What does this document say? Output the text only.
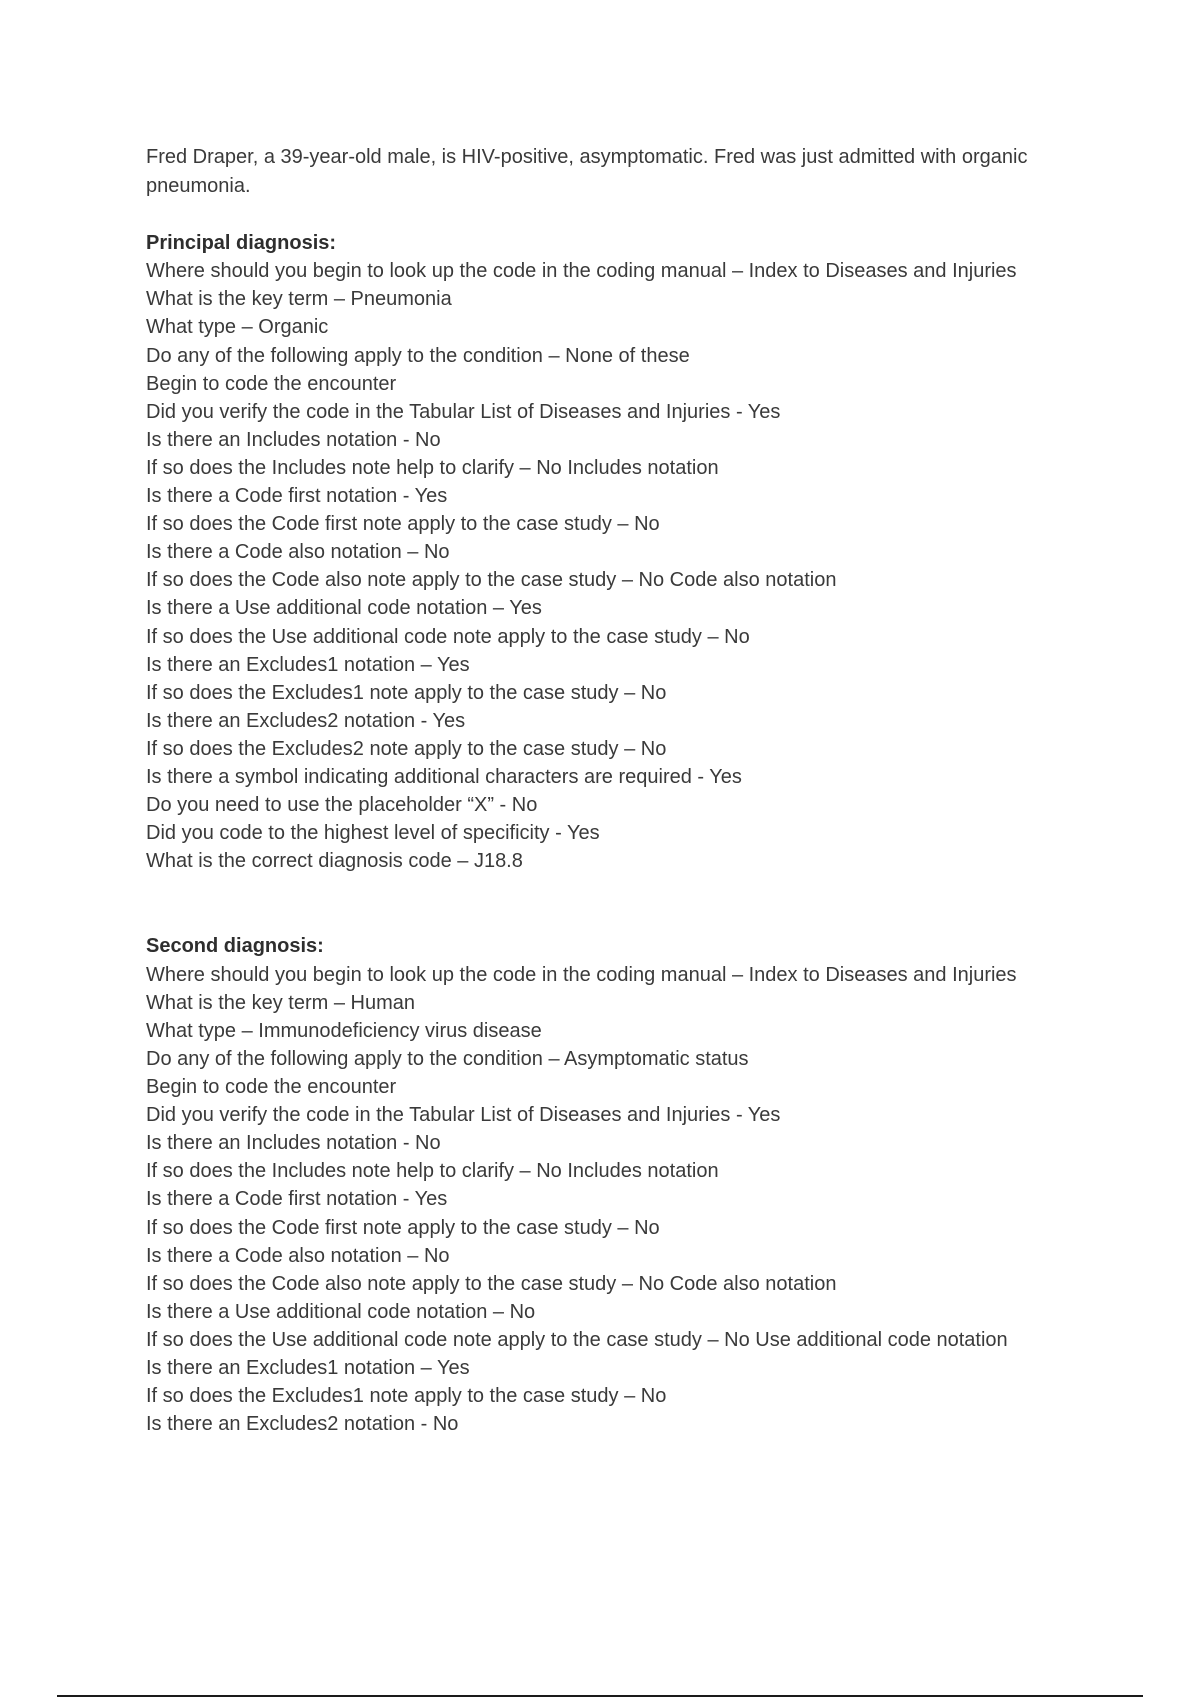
Fred Draper, a 39-year-old male, is HIV-positive, asymptomatic. Fred was just admitted with organic pneumonia.

Principal diagnosis:

Where should you begin to look up the code in the coding manual – Index to Diseases and Injuries
What is the key term – Pneumonia
What type – Organic
Do any of the following apply to the condition – None of these
Begin to code the encounter
Did you verify the code in the Tabular List of Diseases and Injuries - Yes
Is there an Includes notation - No
If so does the Includes note help to clarify – No Includes notation
Is there a Code first notation - Yes
If so does the Code first note apply to the case study – No
Is there a Code also notation – No
If so does the Code also note apply to the case study – No Code also notation
Is there a Use additional code notation – Yes
If so does the Use additional code note apply to the case study – No
Is there an Excludes1 notation – Yes
If so does the Excludes1 note apply to the case study – No
Is there an Excludes2 notation - Yes
If so does the Excludes2 note apply to the case study – No
Is there a symbol indicating additional characters are required - Yes
Do you need to use the placeholder “X” - No
Did you code to the highest level of specificity - Yes
What is the correct diagnosis code – J18.8

Second diagnosis:

Where should you begin to look up the code in the coding manual – Index to Diseases and Injuries
What is the key term – Human
What type – Immunodeficiency virus disease
Do any of the following apply to the condition – Asymptomatic status
Begin to code the encounter
Did you verify the code in the Tabular List of Diseases and Injuries - Yes
Is there an Includes notation - No
If so does the Includes note help to clarify – No Includes notation
Is there a Code first notation - Yes
If so does the Code first note apply to the case study – No
Is there a Code also notation – No
If so does the Code also note apply to the case study – No Code also notation
Is there a Use additional code notation – No
If so does the Use additional code note apply to the case study – No Use additional code notation
Is there an Excludes1 notation – Yes
If so does the Excludes1 note apply to the case study – No
Is there an Excludes2 notation - No
